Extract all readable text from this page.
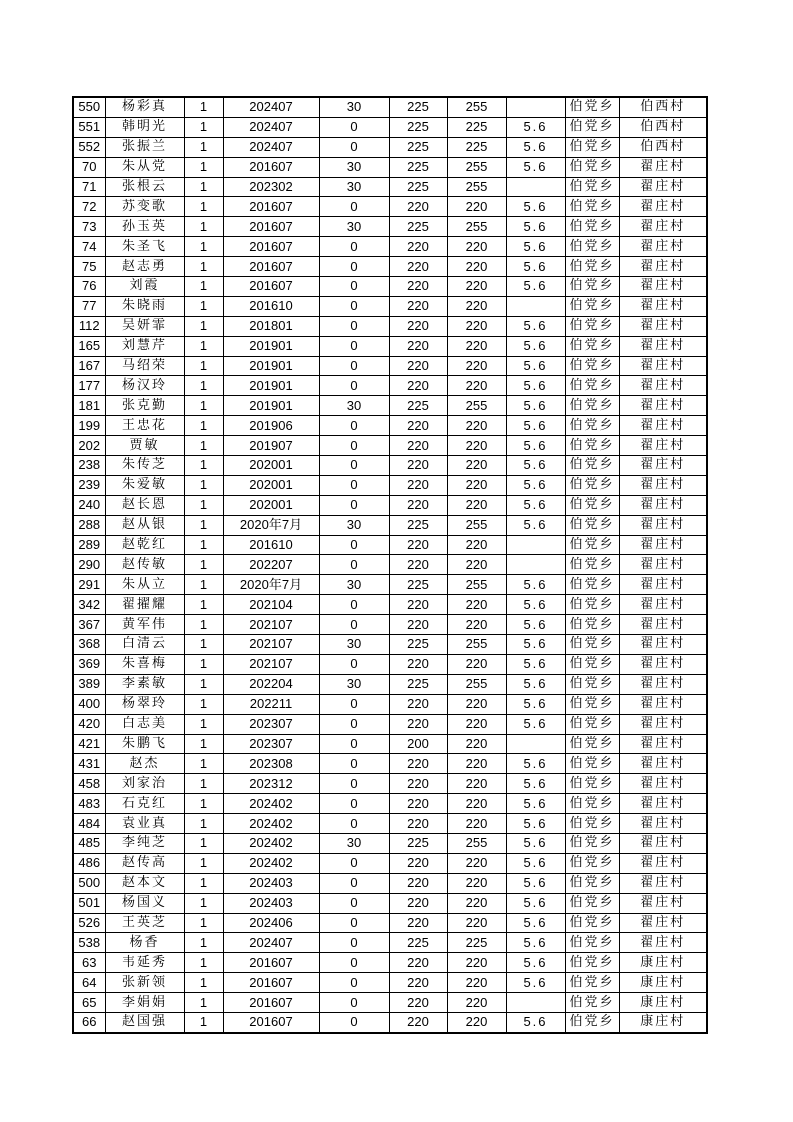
550	杨彩真	1	202407	30	225	255		伯党乡	伯西村
551	韩明光	1	202407	0	225	225	5.6	伯党乡	伯西村
552	张振兰	1	202407	0	225	225	5.6	伯党乡	伯西村
70	朱从党	1	201607	30	225	255	5.6	伯党乡	翟庄村
71	张根云	1	202302	30	225	255		伯党乡	翟庄村
72	苏变歌	1	201607	0	220	220	5.6	伯党乡	翟庄村
73	孙玉英	1	201607	30	225	255	5.6	伯党乡	翟庄村
74	朱圣飞	1	201607	0	220	220	5.6	伯党乡	翟庄村
75	赵志勇	1	201607	0	220	220	5.6	伯党乡	翟庄村
76	刘霞	1	201607	0	220	220	5.6	伯党乡	翟庄村
77	朱晓雨	1	201610	0	220	220		伯党乡	翟庄村
112	吴妍霏	1	201801	0	220	220	5.6	伯党乡	翟庄村
165	刘慧芹	1	201901	0	220	220	5.6	伯党乡	翟庄村
167	马绍荣	1	201901	0	220	220	5.6	伯党乡	翟庄村
177	杨汉玲	1	201901	0	220	220	5.6	伯党乡	翟庄村
181	张克勤	1	201901	30	225	255	5.6	伯党乡	翟庄村
199	王忠花	1	201906	0	220	220	5.6	伯党乡	翟庄村
202	贾敏	1	201907	0	220	220	5.6	伯党乡	翟庄村
238	朱传芝	1	202001	0	220	220	5.6	伯党乡	翟庄村
239	朱爱敏	1	202001	0	220	220	5.6	伯党乡	翟庄村
240	赵长恩	1	202001	0	220	220	5.6	伯党乡	翟庄村
288	赵从银	1	2020年7月	30	225	255	5.6	伯党乡	翟庄村
289	赵乾红	1	201610	0	220	220		伯党乡	翟庄村
290	赵传敏	1	202207	0	220	220		伯党乡	翟庄村
291	朱从立	1	2020年7月	30	225	255	5.6	伯党乡	翟庄村
342	翟擢耀	1	202104	0	220	220	5.6	伯党乡	翟庄村
367	黄军伟	1	202107	0	220	220	5.6	伯党乡	翟庄村
368	白清云	1	202107	30	225	255	5.6	伯党乡	翟庄村
369	朱喜梅	1	202107	0	220	220	5.6	伯党乡	翟庄村
389	李素敏	1	202204	30	225	255	5.6	伯党乡	翟庄村
400	杨翠玲	1	202211	0	220	220	5.6	伯党乡	翟庄村
420	白志美	1	202307	0	220	220	5.6	伯党乡	翟庄村
421	朱鹏飞	1	202307	0	200	220		伯党乡	翟庄村
431	赵杰	1	202308	0	220	220	5.6	伯党乡	翟庄村
458	刘家治	1	202312	0	220	220	5.6	伯党乡	翟庄村
483	石克红	1	202402	0	220	220	5.6	伯党乡	翟庄村
484	袁业真	1	202402	0	220	220	5.6	伯党乡	翟庄村
485	李纯芝	1	202402	30	225	255	5.6	伯党乡	翟庄村
486	赵传高	1	202402	0	220	220	5.6	伯党乡	翟庄村
500	赵本文	1	202403	0	220	220	5.6	伯党乡	翟庄村
501	杨国义	1	202403	0	220	220	5.6	伯党乡	翟庄村
526	王英芝	1	202406	0	220	220	5.6	伯党乡	翟庄村
538	杨香	1	202407	0	225	225	5.6	伯党乡	翟庄村
63	韦延秀	1	201607	0	220	220	5.6	伯党乡	康庄村
64	张新领	1	201607	0	220	220	5.6	伯党乡	康庄村
65	李娟娟	1	201607	0	220	220		伯党乡	康庄村
66	赵国强	1	201607	0	220	220	5.6	伯党乡	康庄村
